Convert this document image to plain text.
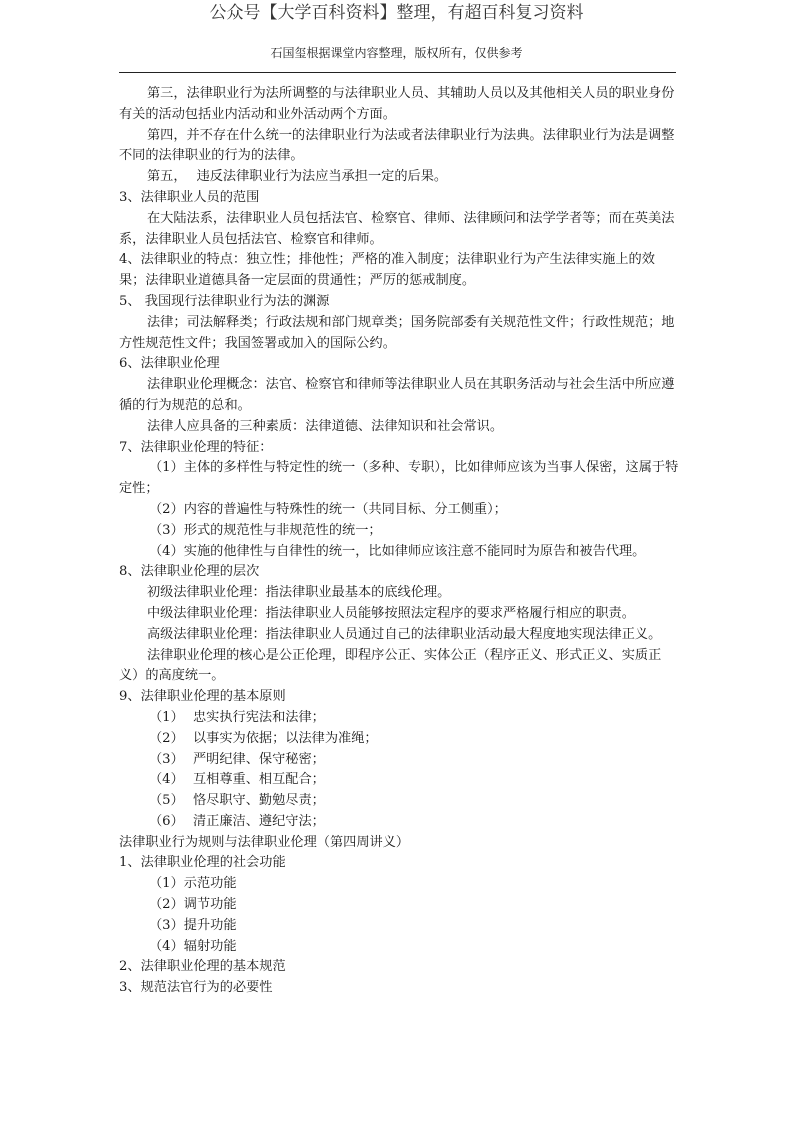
公众号【大学百科资料】整理，有超百科复习资料
石国玺根据课堂内容整理，版权所有，仅供参考

第三，法律职业行为法所调整的与法律职业人员、其辅助人员以及其他相关人员的职业身份有关的活动包括业内活动和业外活动两个方面。

第四，并不存在什么统一的法律职业行为法或者法律职业行为法典。法律职业行为法是调整不同的法律职业的行为的法律。

第五， 违反法律职业行为法应当承担一定的后果。

3、法律职业人员的范围

在大陆法系，法律职业人员包括法官、检察官、律师、法律顾问和法学学者等；而在英美法系，法律职业人员包括法官、检察官和律师。

4、法律职业的特点：独立性；排他性；严格的准入制度；法律职业行为产生法律实施上的效果；法律职业道德具备一定层面的贯通性；严厉的惩戒制度。

5、 我国现行法律职业行为法的渊源

法律；司法解释类；行政法规和部门规章类；国务院部委有关规范性文件；行政性规范；地方性规范性文件；我国签署或加入的国际公约。

6、法律职业伦理

法律职业伦理概念：法官、检察官和律师等法律职业人员在其职务活动与社会生活中所应遵循的行为规范的总和。

法律人应具备的三种素质：法律道德、法律知识和社会常识。

7、法律职业伦理的特征：

（1）主体的多样性与特定性的统一（多种、专职），比如律师应该为当事人保密，这属于特定性；

（2）内容的普遍性与特殊性的统一（共同目标、分工侧重）；

（3）形式的规范性与非规范性的统一；

（4）实施的他律性与自律性的统一，比如律师应该注意不能同时为原告和被告代理。

8、法律职业伦理的层次

初级法律职业伦理：指法律职业最基本的底线伦理。

中级法律职业伦理：指法律职业人员能够按照法定程序的要求严格履行相应的职责。

高级法律职业伦理：指法律职业人员通过自己的法律职业活动最大程度地实现法律正义。

法律职业伦理的核心是公正伦理，即程序公正、实体公正（程序正义、形式正义、实质正义）的高度统一。

9、法律职业伦理的基本原则

（1） 忠实执行宪法和法律；

（2） 以事实为依据；以法律为准绳；

（3） 严明纪律、保守秘密；

（4） 互相尊重、相互配合；

（5） 恪尽职守、勤勉尽责；

（6） 清正廉洁、遵纪守法；

法律职业行为规则与法律职业伦理（第四周讲义）

1、法律职业伦理的社会功能

（1）示范功能

（2）调节功能

（3）提升功能

（4）辐射功能

2、法律职业伦理的基本规范

3、规范法官行为的必要性
